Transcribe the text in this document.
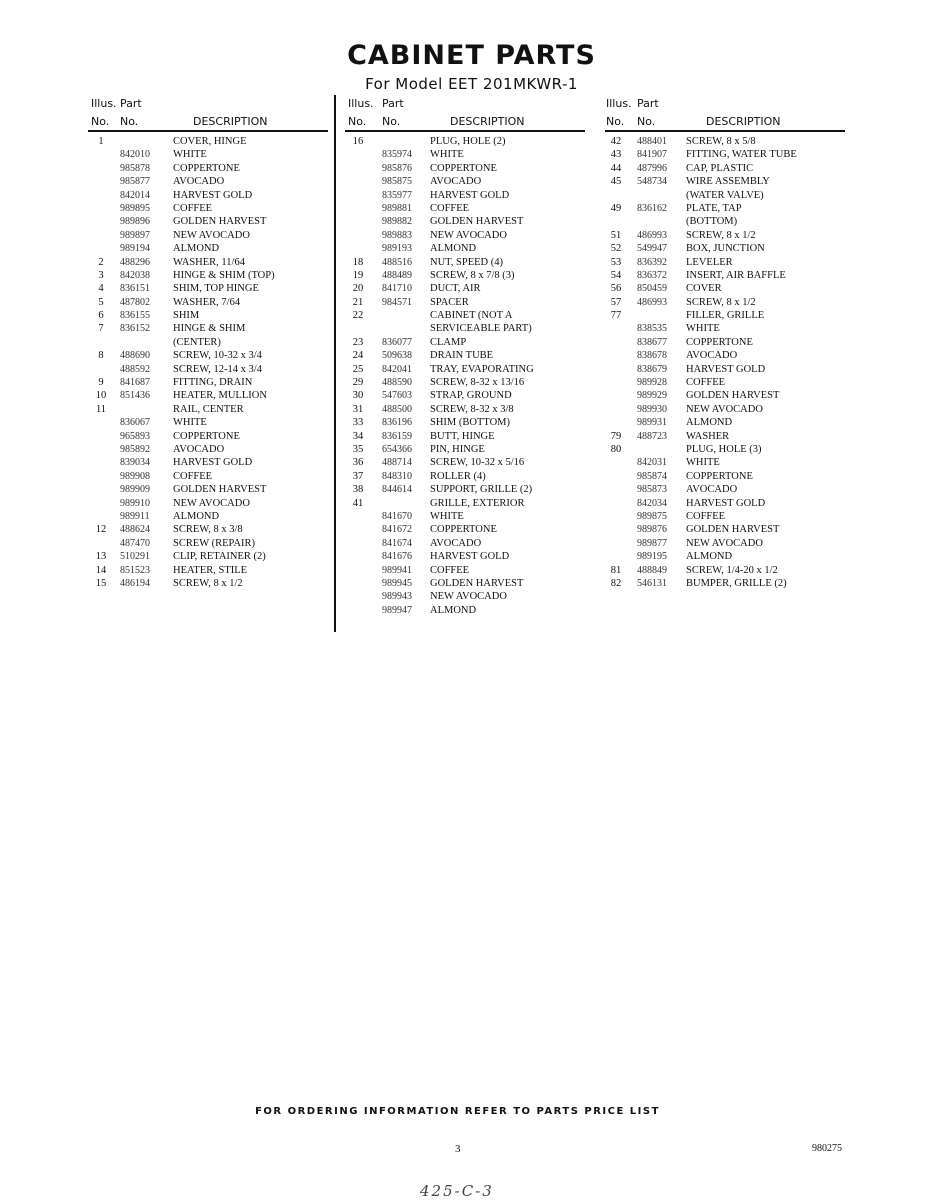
CABINET PARTS
For Model EET 201MKWR-1
Illus. Part
No. No.	DESCRIPTION
1	COVER, HINGE
842010 WHITE
985878 COPPERTONE
985877 AVOCADO
842014 HARVEST GOLD
989895 COFFEE
989896 GOLDEN HARVEST
989897 NEW AVOCADO
989194 ALMOND
2	488296 WASHER, 11/64
3	842038 HINGE & SHIM (TOP)
4	836151 SHIM, TOP HINGE
5	487802 WASHER, 7/64
6	836155 SHIM
7	836152 HINGE & SHIM
(CENTER)
8	488690 SCREW, 10-32 x 3/4
488592 SCREW, 12-14 x 3/4
9	841687 FITTING, DRAIN
10	851436 HEATER, MULLION
11	RAIL, CENTER
836067 WHITE
965893 COPPERTONE
985892 AVOCADO
839034 HARVEST GOLD
989908 COFFEE
989909 GOLDEN HARVEST
989910 NEW AVOCADO
989911 ALMOND
12	488624 SCREW, 8 x 3/8
487470 SCREW (REPAIR)
13	510291 CLIP, RETAINER (2)
14	851523 HEATER, STILE
15	486194 SCREW, 8 x 1/2
Illus. Part
No. No.	DESCRIPTION
16	PLUG, HOLE (2)
835974 WHITE
985876 COPPERTONE
985875 AVOCADO
835977 HARVEST GOLD
989881 COFFEE
989882 GOLDEN HARVEST
989883 NEW AVOCADO
989193 ALMOND
18	488516 NUT, SPEED (4)
19	488489 SCREW, 8 x 7/8 (3)
20	841710 DUCT, AIR
21	984571 SPACER
22	CABINET (NOT A
SERVICEABLE PART)
23	836077 CLAMP
24	509638 DRAIN TUBE
25	842041 TRAY, EVAPORATING
29	488590 SCREW, 8-32 x 13/16
30	547603 STRAP, GROUND
31	488500 SCREW, 8-32 x 3/8
33	836196 SHIM (BOTTOM)
34	836159 BUTT, HINGE
35	654366 PIN, HINGE
36	488714 SCREW, 10-32 x 5/16
37	848310 ROLLER (4)
38	844614 SUPPORT, GRILLE (2)
41	GRILLE, EXTERIOR
841670 WHITE
841672 COPPERTONE
841674 AVOCADO
841676 HARVEST GOLD
989941 COFFEE
989945 GOLDEN HARVEST
989943 NEW AVOCADO
989947 ALMOND
Illus. Part
No. No.	DESCRIPTION
42	488401 SCREW, 8 x 5/8
43	841907 FITTING, WATER TUBE
44	487996 CAP, PLASTIC
45	548734 WIRE ASSEMBLY
(WATER VALVE)
49	836162 PLATE, TAP
(BOTTOM)
51	486993 SCREW, 8 x 1/2
52	549947 BOX, JUNCTION
53	836392 LEVELER
54	836372 INSERT, AIR BAFFLE
56	850459 COVER
57	486993 SCREW, 8 x 1/2
77	FILLER, GRILLE
838535 WHITE
838677 COPPERTONE
838678 AVOCADO
838679 HARVEST GOLD
989928 COFFEE
989929 GOLDEN HARVEST
989930 NEW AVOCADO
989931 ALMOND
79	488723 WASHER
80	PLUG, HOLE (3)
842031 WHITE
985874 COPPERTONE
985873 AVOCADO
842034 HARVEST GOLD
989875 COFFEE
989876 GOLDEN HARVEST
989877 NEW AVOCADO
989195 ALMOND
81	488849 SCREW, 1/4-20 x 1/2
82	546131 BUMPER, GRILLE (2)
FOR ORDERING INFORMATION REFER TO PARTS PRICE LIST
3	980275
425-C-3
